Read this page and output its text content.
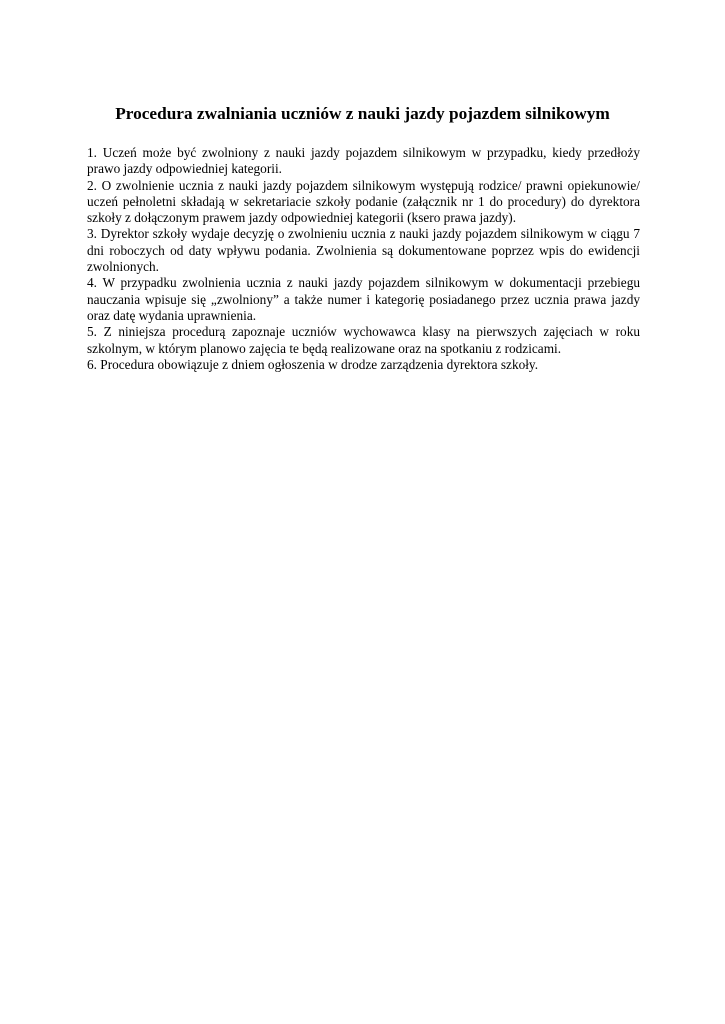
Procedura zwalniania uczniów z nauki jazdy pojazdem silnikowym

1. Uczeń może być zwolniony z nauki jazdy pojazdem silnikowym w przypadku, kiedy przedłoży prawo jazdy odpowiedniej kategorii.

2. O zwolnienie ucznia z nauki jazdy pojazdem silnikowym występują rodzice/ prawni opiekunowie/ uczeń pełnoletni składają w sekretariacie szkoły podanie (załącznik nr 1 do procedury) do dyrektora szkoły z dołączonym prawem jazdy odpowiedniej kategorii (ksero prawa jazdy).

3. Dyrektor szkoły wydaje decyzję o zwolnieniu ucznia z nauki jazdy pojazdem silnikowym w ciągu 7 dni roboczych od daty wpływu podania. Zwolnienia są dokumentowane poprzez wpis do ewidencji zwolnionych.

4. W przypadku zwolnienia ucznia z nauki jazdy pojazdem silnikowym w dokumentacji przebiegu nauczania wpisuje się „zwolniony” a także numer i kategorię posiadanego przez ucznia prawa jazdy oraz datę wydania uprawnienia.

5. Z niniejsza procedurą zapoznaje uczniów wychowawca klasy na pierwszych zajęciach w roku szkolnym, w którym planowo zajęcia te będą realizowane oraz na spotkaniu z rodzicami.

6. Procedura obowiązuje z dniem ogłoszenia w drodze zarządzenia dyrektora szkoły.
